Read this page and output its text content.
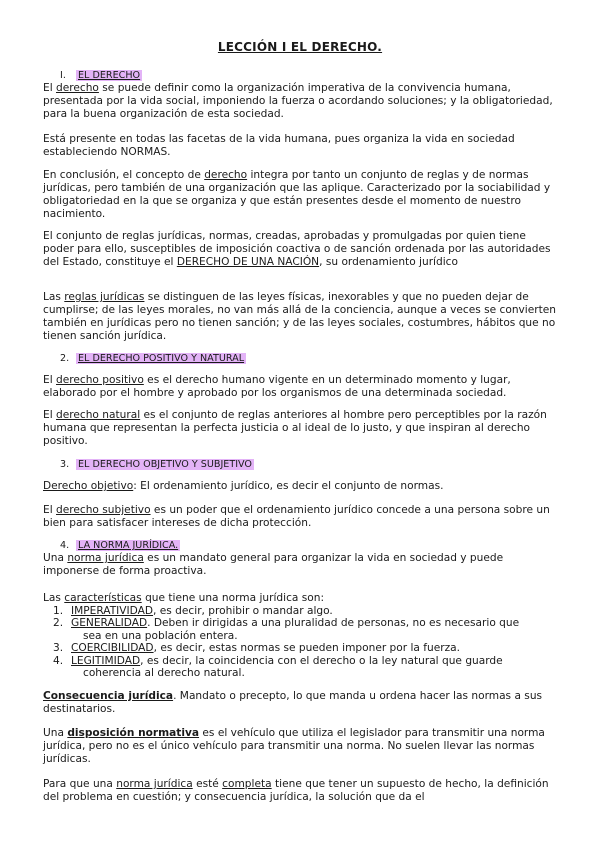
LECCIÓN I EL DERECHO.
I. EL DERECHO

El derecho se puede definir como la organización imperativa de la convivencia humana, presentada por la vida social, imponiendo la fuerza o acordando soluciones; y la obligatoriedad, para la buena organización de esta sociedad.

Está presente en todas las facetas de la vida humana, pues organiza la vida en sociedad estableciendo NORMAS.

En conclusión, el concepto de derecho integra por tanto un conjunto de reglas y de normas jurídicas, pero también de una organización que las aplique. Caracterizado por la sociabilidad y obligatoriedad en la que se organiza y que están presentes desde el momento de nuestro nacimiento.

El conjunto de reglas jurídicas, normas, creadas, aprobadas y promulgadas por quien tiene poder para ello, susceptibles de imposición coactiva o de sanción ordenada por las autoridades del Estado, constituye el DERECHO DE UNA NACIÓN, su ordenamiento jurídico

Las reglas jurídicas se distinguen de las leyes físicas, inexorables y que no pueden dejar de cumplirse; de las leyes morales, no van más allá de la conciencia, aunque a veces se convierten también en jurídicas pero no tienen sanción; y de las leyes sociales, costumbres, hábitos que no tienen sanción jurídica.

2. EL DERECHO POSITIVO Y NATURAL

El derecho positivo es el derecho humano vigente en un determinado momento y lugar, elaborado por el hombre y aprobado por los organismos de una determinada sociedad.

El derecho natural es el conjunto de reglas anteriores al hombre pero perceptibles por la razón humana que representan la perfecta justicia o al ideal de lo justo, y que inspiran al derecho positivo.

3. EL DERECHO OBJETIVO Y SUBJETIVO

Derecho objetivo: El ordenamiento jurídico, es decir el conjunto de normas.

El derecho subjetivo es un poder que el ordenamiento jurídico concede a una persona sobre un bien para satisfacer intereses de dicha protección.

4. LA NORMA JURÍDICA.

Una norma jurídica es un mandato general para organizar la vida en sociedad y puede imponerse de forma proactiva.

Las características que tiene una norma jurídica son:

1. IMPERATIVIDAD, es decir, prohibir o mandar algo.
2. GENERALIDAD. Deben ir dirigidas a una pluralidad de personas, no es necesario que
sea en una población entera.
3. COERCIBILIDAD, es decir, estas normas se pueden imponer por la fuerza.
4. LEGITIMIDAD, es decir, la coincidencia con el derecho o la ley natural que guarde
coherencia al derecho natural.

Consecuencia jurídica. Mandato o precepto, lo que manda u ordena hacer las normas a sus destinatarios.

Una disposición normativa es el vehículo que utiliza el legislador para transmitir una norma jurídica, pero no es el único vehículo para transmitir una norma. No suelen llevar las normas jurídicas.

Para que una norma jurídica esté completa tiene que tener un supuesto de hecho, la definición del problema en cuestión; y consecuencia jurídica, la solución que da el
